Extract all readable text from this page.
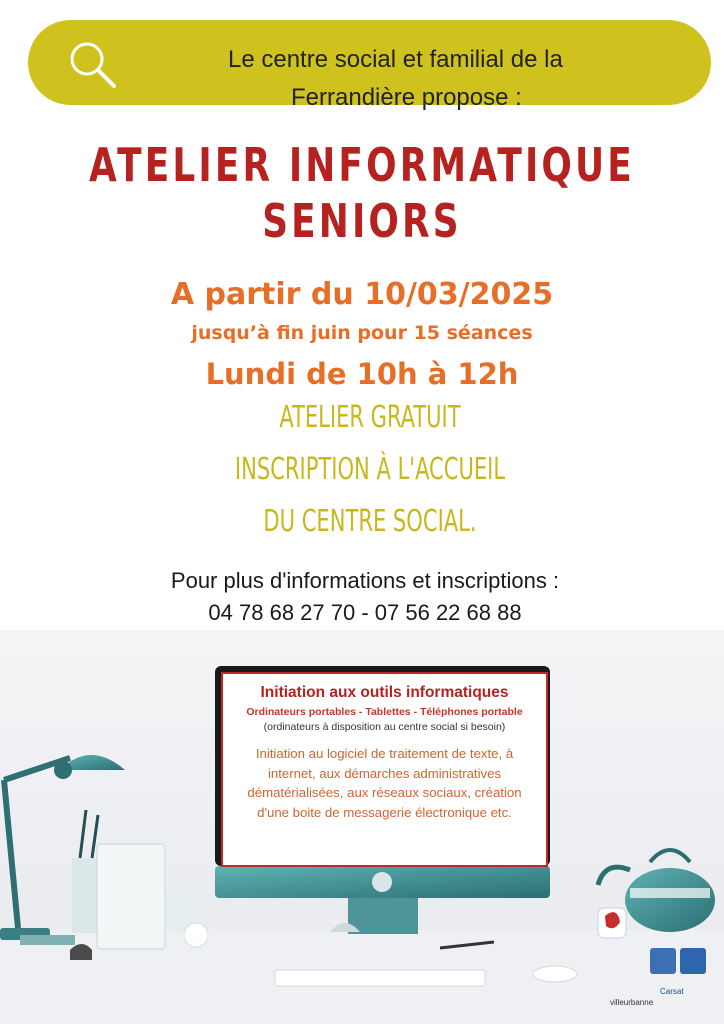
Le centre social et familial de la
Ferrandière propose :
ATELIER INFORMATIQUE
SENIORS
A partir du 10/03/2025
jusqu’à fin juin pour 15 séances
Lundi de 10h à 12h
ATELIER GRATUIT
INSCRIPTION À L'ACCUEIL
DU CENTRE SOCIAL.
Pour plus d'informations et inscriptions :
04 78 68 27 70 - 07 56 22 68 88
villeurbanne
Carsat
Initiation aux outils informatiques
Ordinateurs portables - Tablettes - Téléphones portable
(ordinateurs à disposition au centre social si besoin)
Initiation au logiciel de traitement de texte, à internet, aux démarches administratives dématérialisées, aux réseaux sociaux, création d'une boite de messagerie électronique etc.
